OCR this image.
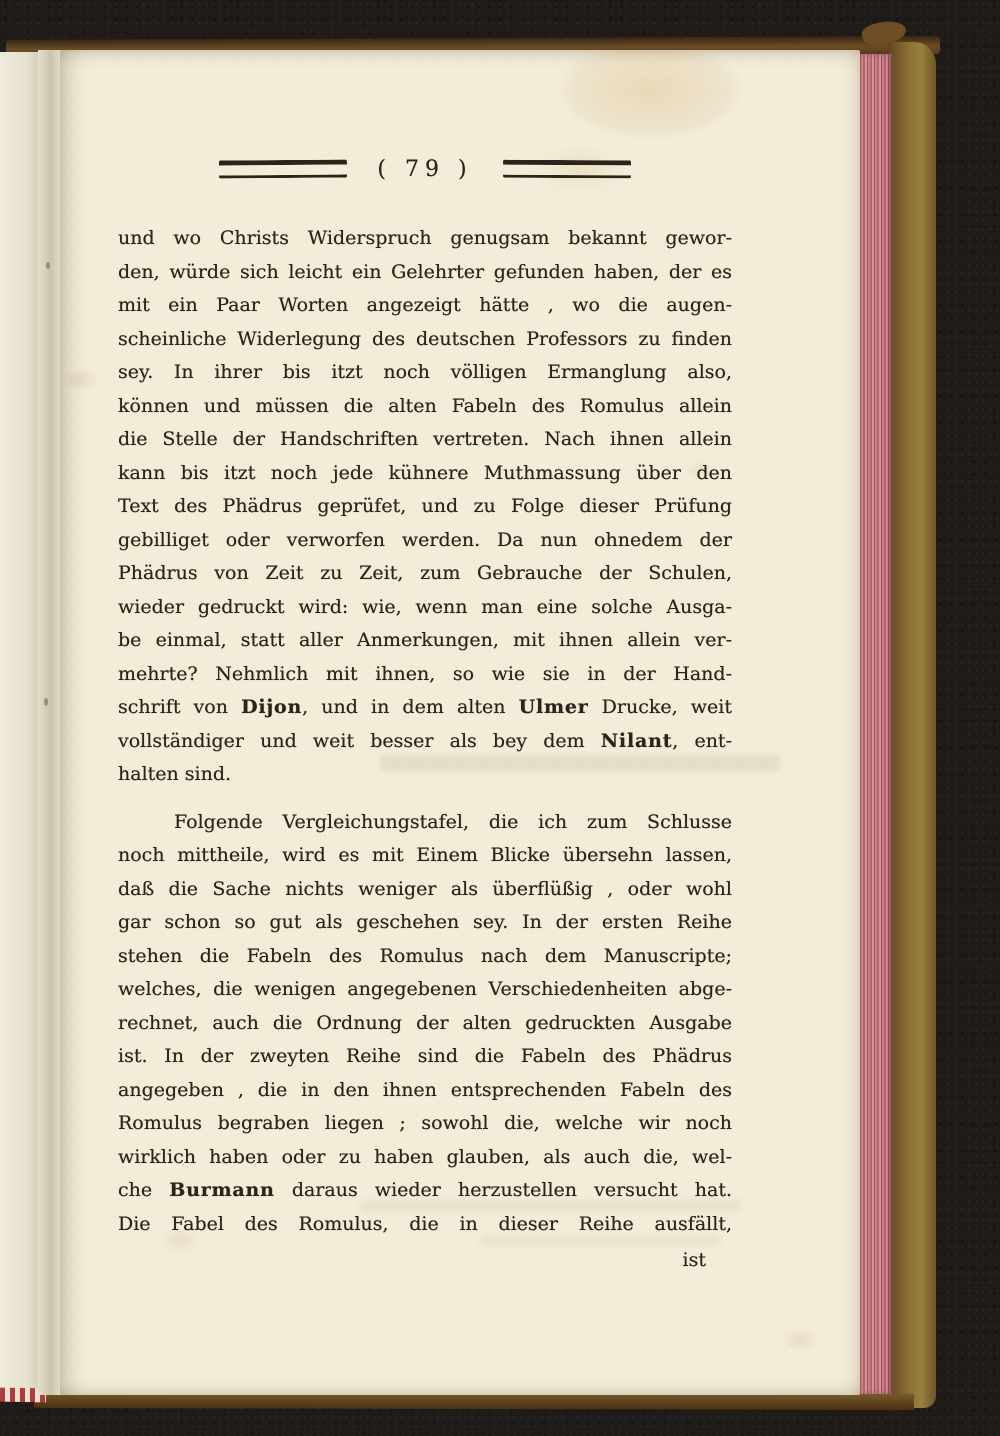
( 79 )
und wo Christs Widerspruch genugsam bekannt gewor-
den, würde sich leicht ein Gelehrter gefunden haben, der es
mit ein Paar Worten angezeigt hätte , wo die augen-
scheinliche Widerlegung des deutschen Professors zu finden
sey. In ihrer bis itzt noch völligen Ermanglung also,
können und müssen die alten Fabeln des Romulus allein
die Stelle der Handschriften vertreten. Nach ihnen allein
kann bis itzt noch jede kühnere Muthmassung über den
Text des Phädrus geprüfet, und zu Folge dieser Prüfung
gebilliget oder verworfen werden. Da nun ohnedem der
Phädrus von Zeit zu Zeit, zum Gebrauche der Schulen,
wieder gedruckt wird: wie, wenn man eine solche Ausga-
be einmal, statt aller Anmerkungen, mit ihnen allein ver-
mehrte? Nehmlich mit ihnen, so wie sie in der Hand-
schrift von Dijon, und in dem alten Ulmer Drucke, weit
vollständiger und weit besser als bey dem Nilant, ent-
halten sind.
Folgende Vergleichungstafel, die ich zum Schlusse
noch mittheile, wird es mit Einem Blicke übersehn lassen,
daß die Sache nichts weniger als überflüßig , oder wohl
gar schon so gut als geschehen sey. In der ersten Reihe
stehen die Fabeln des Romulus nach dem Manuscripte;
welches, die wenigen angegebenen Verschiedenheiten abge-
rechnet, auch die Ordnung der alten gedruckten Ausgabe
ist. In der zweyten Reihe sind die Fabeln des Phädrus
angegeben , die in den ihnen entsprechenden Fabeln des
Romulus begraben liegen ; sowohl die, welche wir noch
wirklich haben oder zu haben glauben, als auch die, wel-
che Burmann daraus wieder herzustellen versucht hat.
Die Fabel des Romulus, die in dieser Reihe ausfällt,
ist
